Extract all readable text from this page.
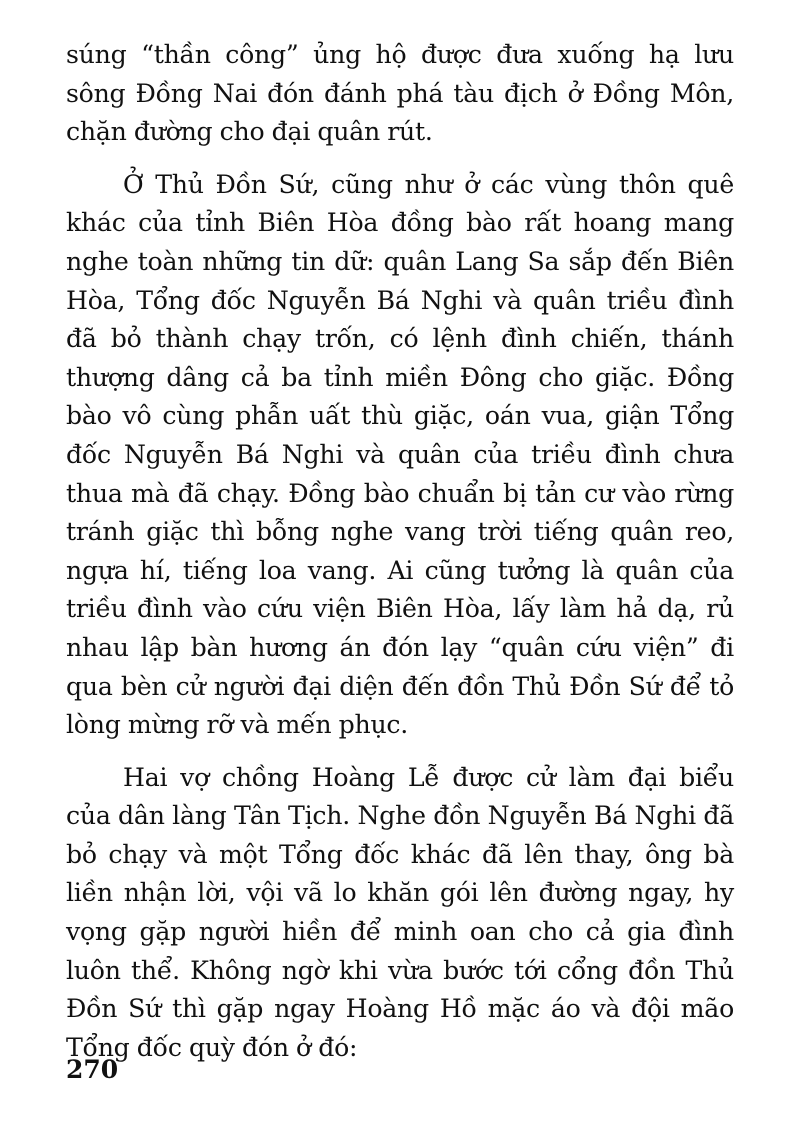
súng “thần công” ủng hộ được đưa xuống hạ lưu sông Đồng Nai đón đánh phá tàu địch ở Đồng Môn, chặn đường cho đại quân rút.

Ở Thủ Đồn Sứ, cũng như ở các vùng thôn quê khác của tỉnh Biên Hòa đồng bào rất hoang mang nghe toàn những tin dữ: quân Lang Sa sắp đến Biên Hòa, Tổng đốc Nguyễn Bá Nghi và quân triều đình đã bỏ thành chạy trốn, có lệnh đình chiến, thánh thượng dâng cả ba tỉnh miền Đông cho giặc. Đồng bào vô cùng phẫn uất thù giặc, oán vua, giận Tổng đốc Nguyễn Bá Nghi và quân của triều đình chưa thua mà đã chạy. Đồng bào chuẩn bị tản cư vào rừng tránh giặc thì bỗng nghe vang trời tiếng quân reo, ngựa hí, tiếng loa vang. Ai cũng tưởng là quân của triều đình vào cứu viện Biên Hòa, lấy làm hả dạ, rủ nhau lập bàn hương án đón lạy “quân cứu viện” đi qua bèn cử người đại diện đến đồn Thủ Đồn Sứ để tỏ lòng mừng rỡ và mến phục.

Hai vợ chồng Hoàng Lễ được cử làm đại biểu của dân làng Tân Tịch. Nghe đồn Nguyễn Bá Nghi đã bỏ chạy và một Tổng đốc khác đã lên thay, ông bà liền nhận lời, vội vã lo khăn gói lên đường ngay, hy vọng gặp người hiền để minh oan cho cả gia đình luôn thể. Không ngờ khi vừa bước tới cổng đồn Thủ Đồn Sứ thì gặp ngay Hoàng Hồ mặc áo và đội mão Tổng đốc quỳ đón ở đó:

270
